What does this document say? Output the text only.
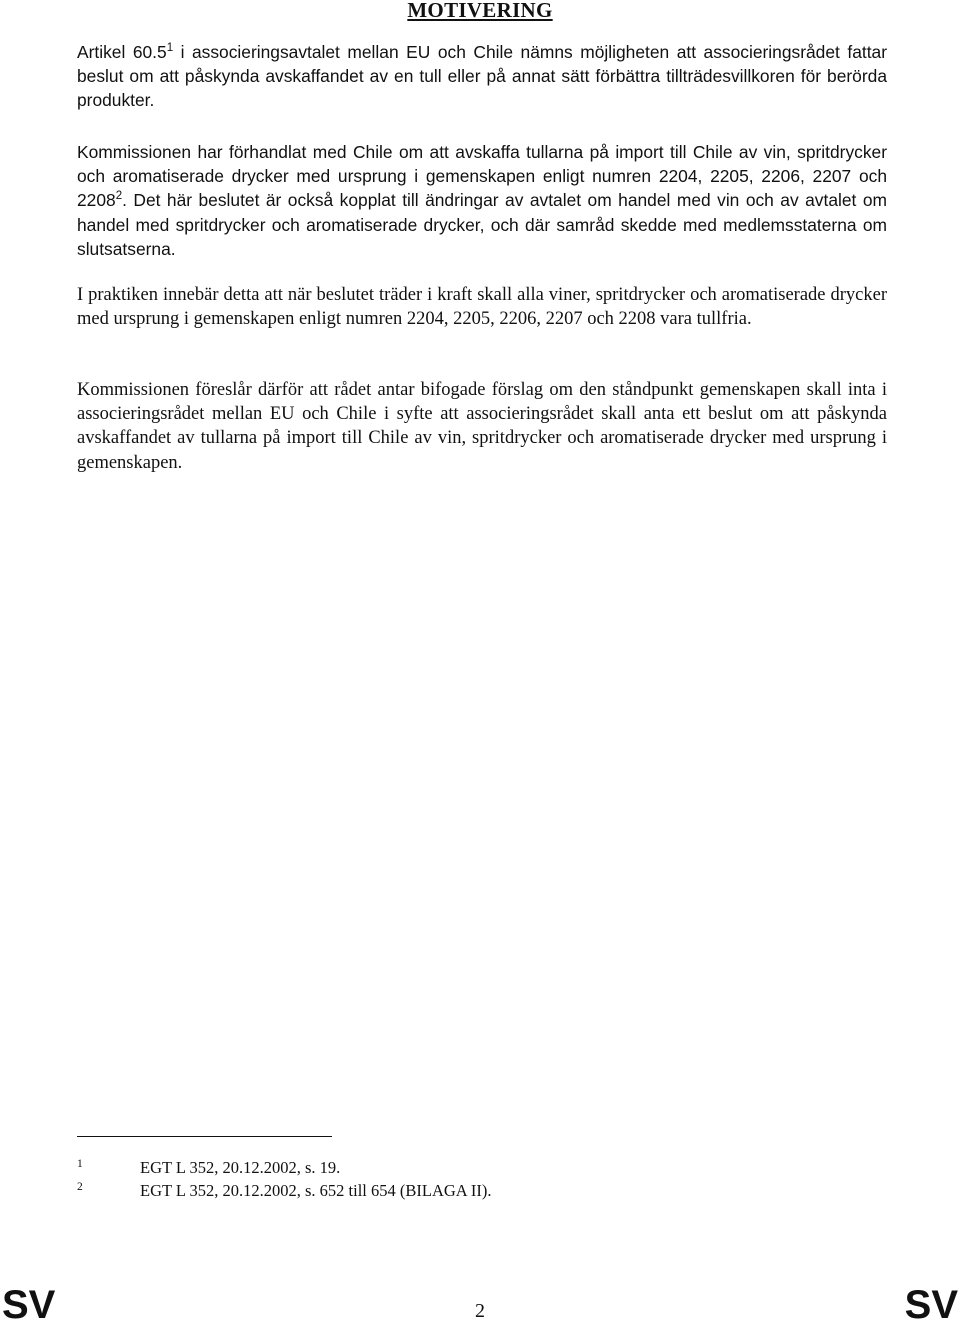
MOTIVERING

Artikel 60.5$^1$ i associeringsavtalet mellan EU och Chile nämns möjligheten att associeringsrådet fattar beslut om att påskynda avskaffandet av en tull eller på annat sätt förbättra tillträdesvillkoren för berörda produkter.

Kommissionen har förhandlat med Chile om att avskaffa tullarna på import till Chile av vin, spritdrycker och aromatiserade drycker med ursprung i gemenskapen enligt numren 2204, 2205, 2206, 2207 och 2208$^2$. Det här beslutet är också kopplat till ändringar av avtalet om handel med vin och av avtalet om handel med spritdrycker och aromatiserade drycker, och där samråd skedde med medlemsstaterna om slutsatserna.

I praktiken innebär detta att när beslutet träder i kraft skall alla viner, spritdrycker och aromatiserade drycker med ursprung i gemenskapen enligt numren 2204, 2205, 2206, 2207 och 2208 vara tullfria.

Kommissionen föreslår därför att rådet antar bifogade förslag om den ståndpunkt gemenskapen skall inta i associeringsrådet mellan EU och Chile i syfte att associeringsrådet skall anta ett beslut om att påskynda avskaffandet av tullarna på import till Chile av vin, spritdrycker och aromatiserade drycker med ursprung i gemenskapen.

1	EGT L 352, 20.12.2002, s. 19.
2	EGT L 352, 20.12.2002, s. 652 till 654 (BILAGA II).
SV	2	SV
